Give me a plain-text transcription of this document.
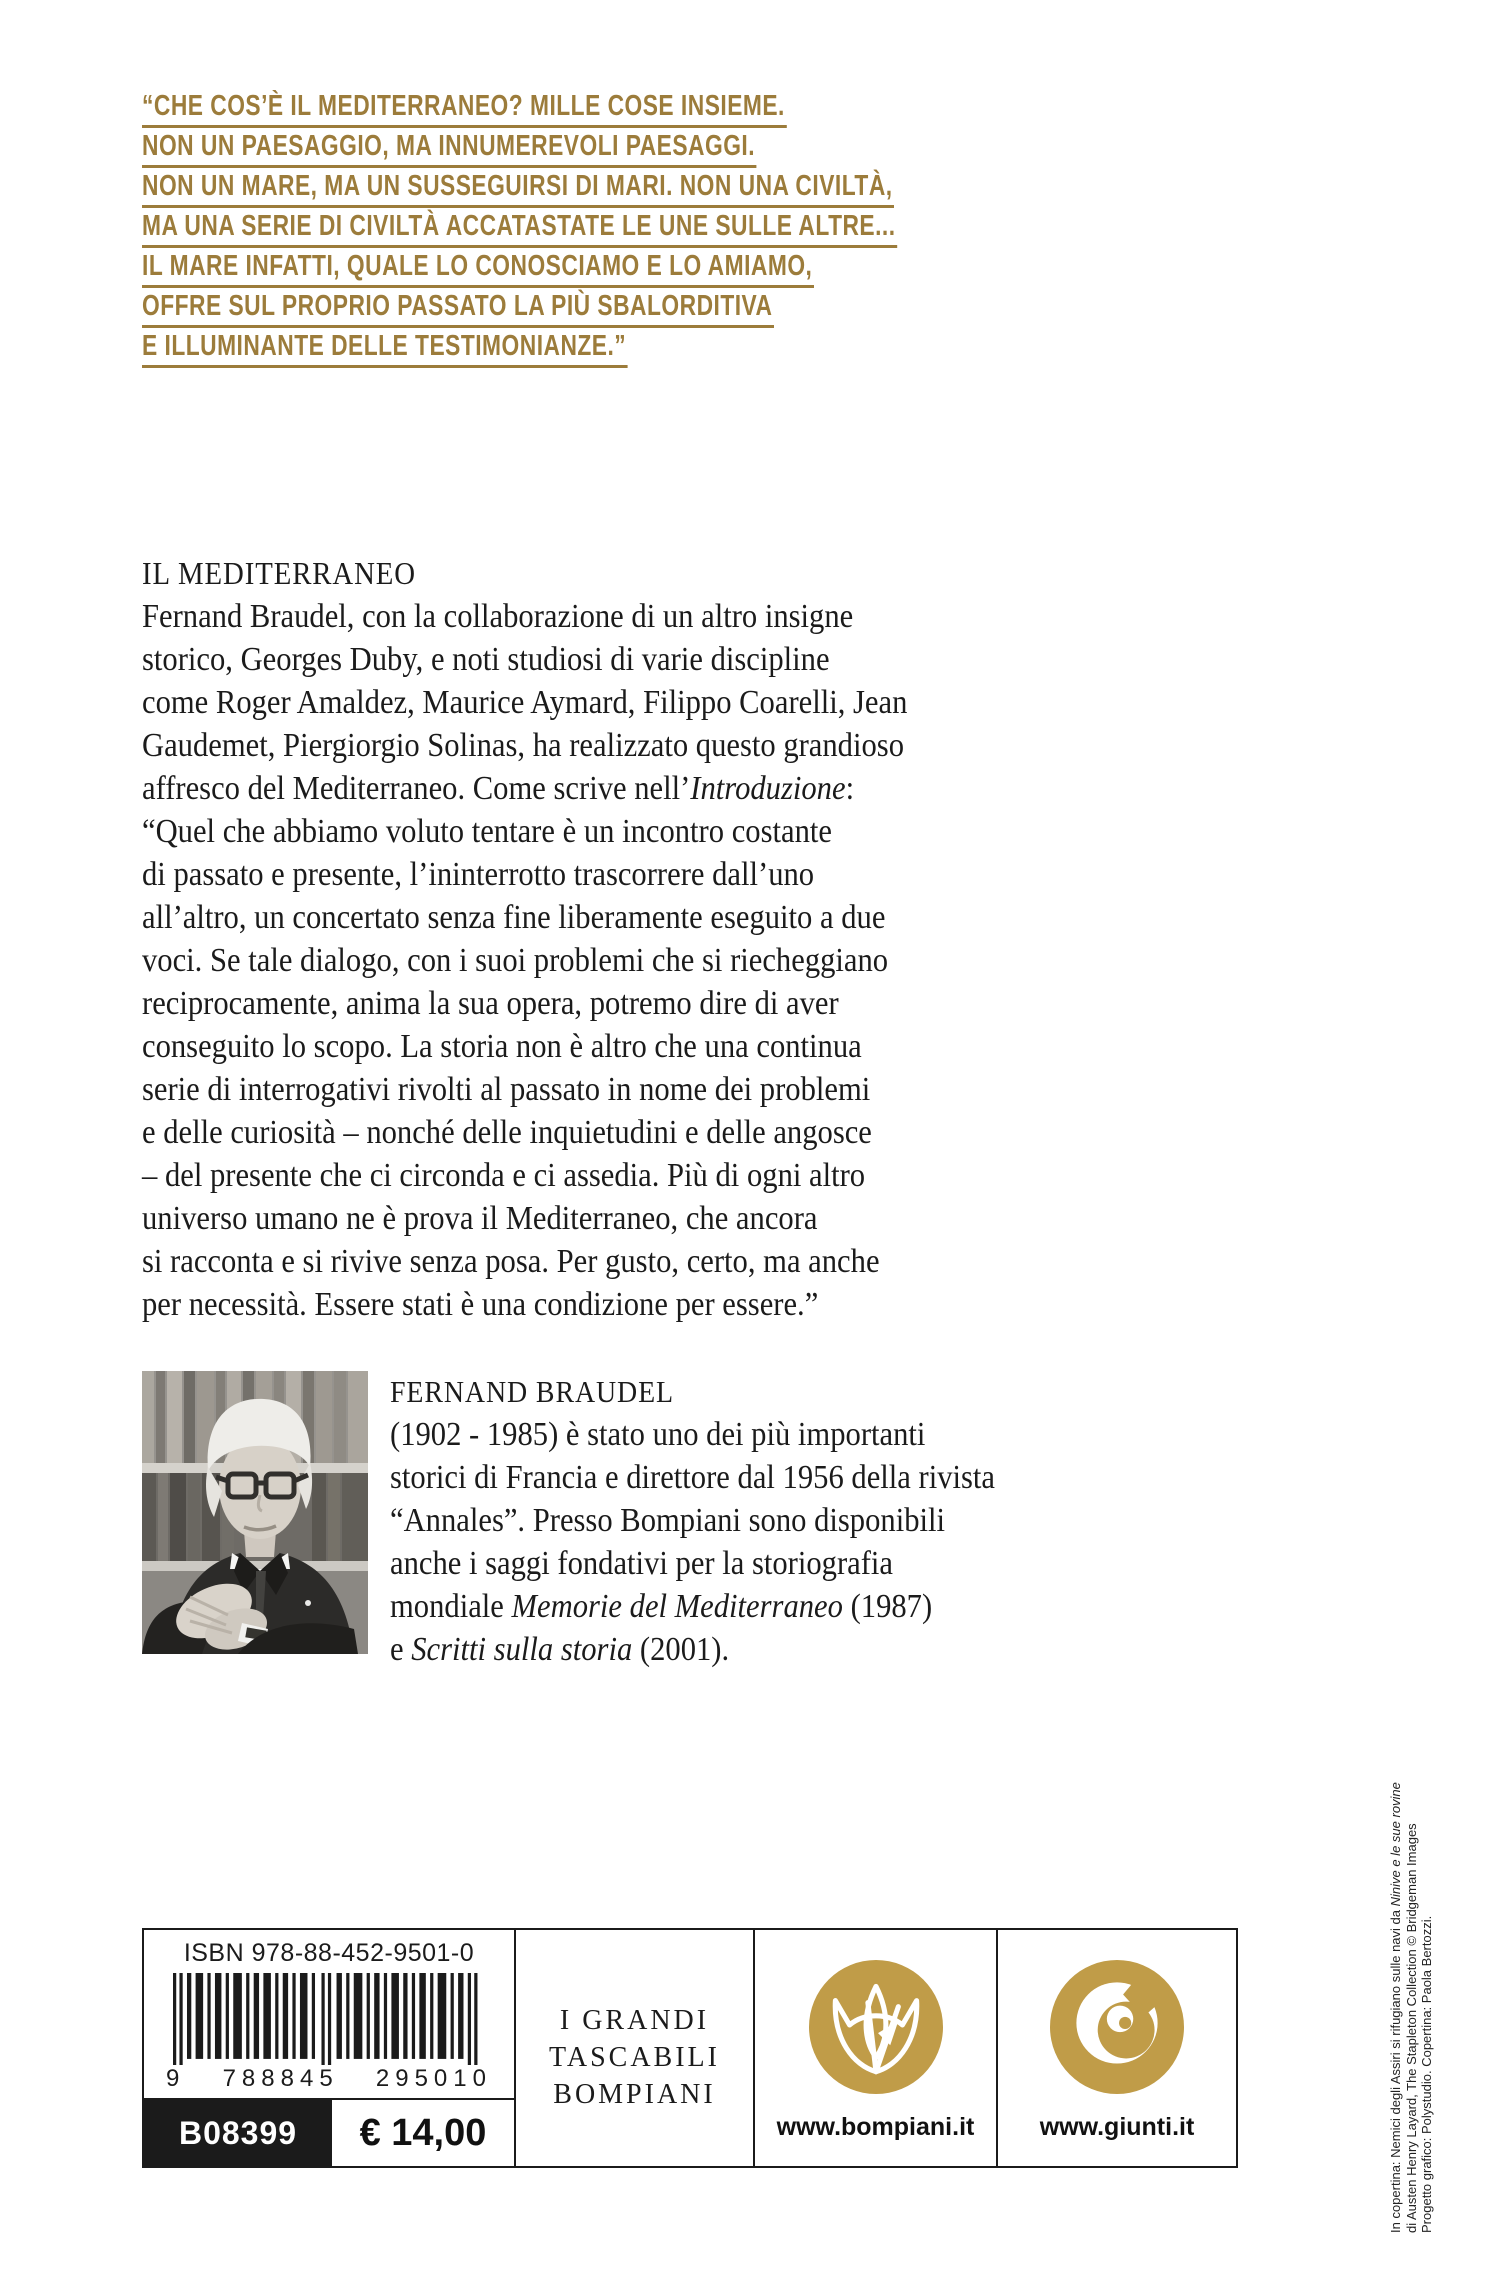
“CHE COS’È IL MEDITERRANEO? MILLE COSE INSIEME.
NON UN PAESAGGIO, MA INNUMEREVOLI PAESAGGI.
NON UN MARE, MA UN SUSSEGUIRSI DI MARI. NON UNA CIVILTÀ,
MA UNA SERIE DI CIVILTÀ ACCATASTATE LE UNE SULLE ALTRE...
IL MARE INFATTI, QUALE LO CONOSCIAMO E LO AMIAMO,
OFFRE SUL PROPRIO PASSATO LA PIÙ SBALORDITIVA
E ILLUMINANTE DELLE TESTIMONIANZE.”
IL MEDITERRANEO
Fernand Braudel, con la collaborazione di un altro insigne
storico, Georges Duby, e noti studiosi di varie discipline
come Roger Amaldez, Maurice Aymard, Filippo Coarelli, Jean
Gaudemet, Piergiorgio Solinas, ha realizzato questo grandioso
affresco del Mediterraneo. Come scrive nell’Introduzione:
“Quel che abbiamo voluto tentare è un incontro costante
di passato e presente, l’ininterrotto trascorrere dall’uno
all’altro, un concertato senza fine liberamente eseguito a due
voci. Se tale dialogo, con i suoi problemi che si riecheggiano
reciprocamente, anima la sua opera, potremo dire di aver
conseguito lo scopo. La storia non è altro che una continua
serie di interrogativi rivolti al passato in nome dei problemi
e delle curiosità – nonché delle inquietudini e delle angosce
– del presente che ci circonda e ci assedia. Più di ogni altro
universo umano ne è prova il Mediterraneo, che ancora
si racconta e si rivive senza posa. Per gusto, certo, ma anche
per necessità. Essere stati è una condizione per essere.”
FERNAND BRAUDEL
(1902 - 1985) è stato uno dei più importanti
storici di Francia e direttore dal 1956 della rivista
“Annales”. Presso Bompiani sono disponibili
anche i saggi fondativi per la storiografia
mondiale Memorie del Mediterraneo (1987)
e Scritti sulla storia (2001).
ISBN 978-88-452-9501-0
9 788845 295010
B08399	€ 14,00
I GRANDI
TASCABILI
BOMPIANI
www.bompiani.it	www.giunti.it	In copertina: Nemici degli Assiri si rifugiano sulle navi da Ninive e le sue rovine di Austen Henry Layard, The Stapleton Collection © Bridgeman Images Progetto grafico: Polystudio. Copertina: Paola Bertozzi.
